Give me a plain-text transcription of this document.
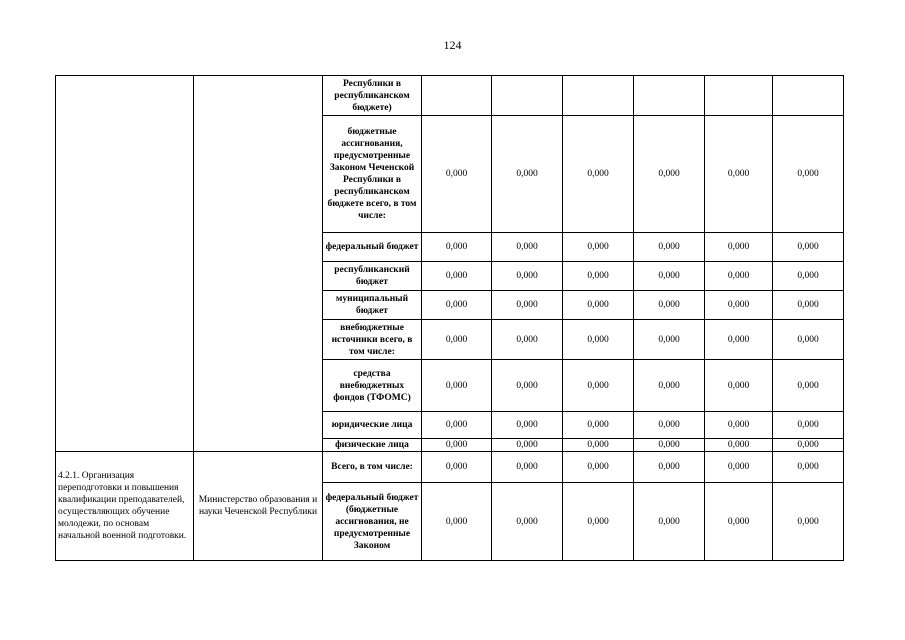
124
		Республики в республиканском бюджете)						
		бюджетные ассигнования, предусмотренные Законом Чеченской Республики в республиканском бюджете всего, в том числе:	0,000	0,000	0,000	0,000	0,000	0,000
		федеральный бюджет	0,000	0,000	0,000	0,000	0,000	0,000
		республиканский бюджет	0,000	0,000	0,000	0,000	0,000	0,000
		муниципальный бюджет	0,000	0,000	0,000	0,000	0,000	0,000
		внебюджетные источники всего, в том числе:	0,000	0,000	0,000	0,000	0,000	0,000
		средства внебюджетных фондов (ТФОМС)	0,000	0,000	0,000	0,000	0,000	0,000
		юридические лица	0,000	0,000	0,000	0,000	0,000	0,000
		физические лица	0,000	0,000	0,000	0,000	0,000	0,000
4.2.1. Организация переподготовки и повышения квалификации преподавателей, осуществляющих обучение молодежи, по основам начальной военной подготовки.	Министерство образования и науки Чеченской Республики	Всего, в том числе:	0,000	0,000	0,000	0,000	0,000	0,000
		федеральный бюджет (бюджетные ассигнования, не предусмотренные Законом	0,000	0,000	0,000	0,000	0,000	0,000
